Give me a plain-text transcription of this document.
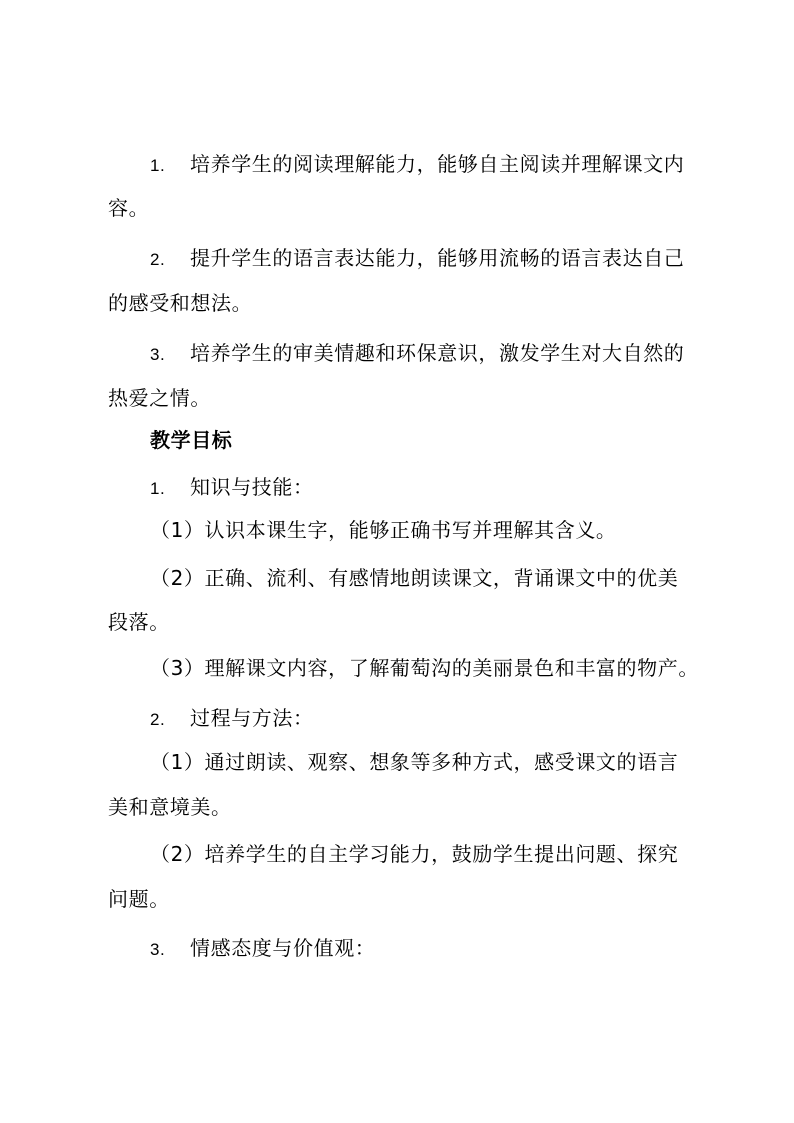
1. 培养学生的阅读理解能力，能够自主阅读并理解课文内
容。
2. 提升学生的语言表达能力，能够用流畅的语言表达自己
的感受和想法。
3. 培养学生的审美情趣和环保意识，激发学生对大自然的
热爱之情。
教学目标
1. 知识与技能：
（1）认识本课生字，能够正确书写并理解其含义。
（2）正确、流利、有感情地朗读课文，背诵课文中的优美
段落。
（3）理解课文内容，了解葡萄沟的美丽景色和丰富的物产。
2. 过程与方法：
（1）通过朗读、观察、想象等多种方式，感受课文的语言
美和意境美。
（2）培养学生的自主学习能力，鼓励学生提出问题、探究
问题。
3. 情感态度与价值观：
